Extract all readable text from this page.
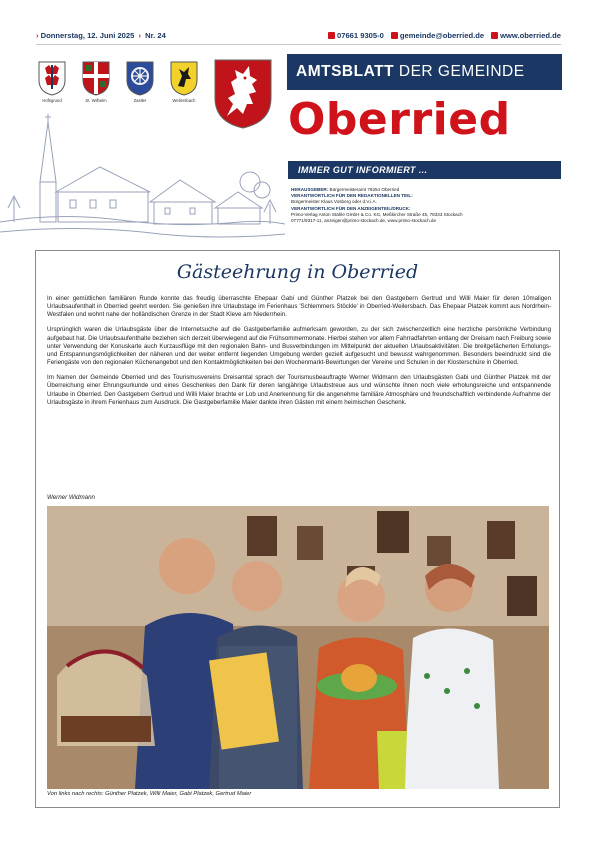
› Donnerstag, 12. Juni 2025 › Nr. 24	07661 9305-0	gemeinde@oberried.de	www.oberried.de
Hofsgrund	St. Wilhelm	Zastler	Weilersbach
AMTSBLATT DER GEMEINDE
Oberried
IMMER GUT INFORMIERT ...
HERAUSGEBER: Bürgermeisteramt 79254 Oberried
VERANTWORTLICH FÜR DEN REDAKTIONELLEN TEIL:
Bürgermeister Klaus Vosberg oder d.V.i.A.
VERANTWORTLICH FÜR DEN ANZEIGENTEIL/DRUCK:
Primo-Verlag Anton Stähle GmbH & Co. KG, Meßkircher Straße 45, 78333 Stockach
07771/9317-11, anzeigen@primo-stockach.de, www.primo-stockach.de
Gästeehrung in Oberried

In einer gemütlichen familiären Runde konnte das freudig überraschte Ehepaar Gabi und Günther Platzek bei den Gastgebern Gertrud und Willi Maier für deren 10maligen Urlaubsaufenthalt in Oberried geehrt werden. Sie genießen ihre Urlaubstage im Ferienhaus 'Schlemmers Stöckle' in Oberried-Weilersbach. Das Ehepaar Platzek kommt aus Nordrhein-Westfalen und wohnt nahe der holländischen Grenze in der Stadt Kleve am Niederrhein.

Ursprünglich waren die Urlaubsgäste über die Internetsuche auf die Gastgeberfamilie aufmerksam geworden, zu der sich zwischenzeitlich eine herzliche persönliche Verbindung aufgebaut hat. Die Urlaubsaufenthalte beziehen sich derzeit überwiegend auf die Frühsommermonate. Hierbei stehen vor allem Fahrradfahrten entlang der Dreisam nach Freiburg sowie unter Verwendung der Konuskarte auch Kurzausflüge mit den regionalen Bahn- und Busverbindungen im Mittelpunkt der aktuellen Urlaubsaktivitäten. Die breitgefächerten Erholungs- und Entspannungsmöglichkeiten der näheren und der weiter entfernt liegenden Umgebung werden gezielt aufgesucht und bewusst wahrgenommen. Besonders beeindruckt sind die Feriengäste von den regionalen Küchenangebot und den Kontaktmöglichkeiten bei den Wochenmarkt-Bewirtungen der Vereine und Schulen in der Klosterschüre in Oberried.

Im Namen der Gemeinde Oberried und des Tourismusvereins Dreisamtal sprach der Tourismusbeauftragte Werner Widmann den Urlaubsgästen Gabi und Günther Platzek mit der Überreichung einer Ehrungsurkunde und eines Geschenkes den Dank für deren langjährige Urlaubstreue aus und wünschte ihnen noch viele erholungsreiche und entspannende Urlaube in Oberried. Den Gastgebern Gertrud und Willi Maier brachte er Lob und Anerkennung für die angenehme familiäre Atmosphäre und freundschaftlich verbindende Aufnahme der Urlaubsgäste in ihrem Ferienhaus zum Ausdruck. Die Gastgeberfamilie Maier dankte ihren Gästen mit einem heimischen Geschenk.

Werner Widmann
Von links nach rechts: Günther Platzek, Willi Maier, Gabi Platzek, Gertrud Maier
